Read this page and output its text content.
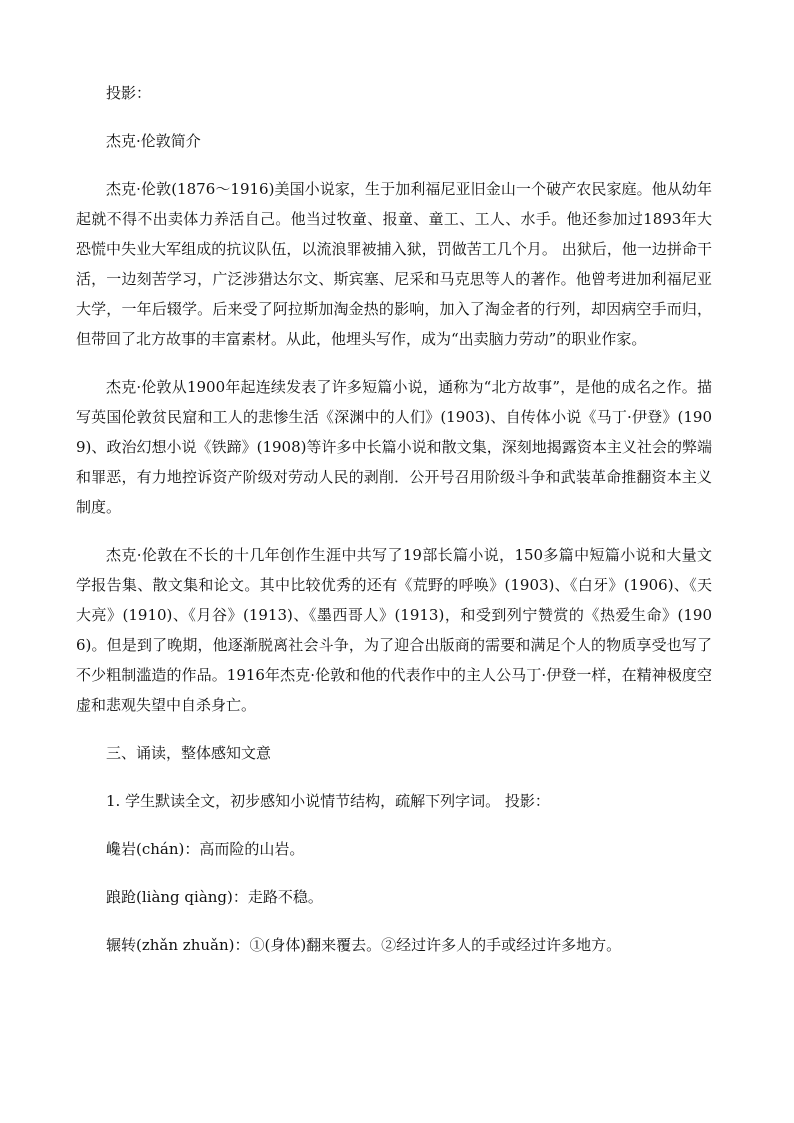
投影：

杰克·伦敦简介

杰克·伦敦(1876～1916)美国小说家，生于加利福尼亚旧金山一个破产农民家庭。他从幼年起就不得不出卖体力养活自己。他当过牧童、报童、童工、工人、水手。他还参加过1893年大恐慌中失业大军组成的抗议队伍，以流浪罪被捕入狱，罚做苦工几个月。 出狱后，他一边拼命干活，一边刻苦学习，广泛涉猎达尔文、斯宾塞、尼采和马克思等人的著作。他曾考进加利福尼亚大学，一年后辍学。后来受了阿拉斯加淘金热的影响，加入了淘金者的行列，却因病空手而归，但带回了北方故事的丰富素材。从此，他埋头写作，成为“出卖脑力劳动”的职业作家。

杰克·伦敦从1900年起连续发表了许多短篇小说，通称为“北方故事”，是他的成名之作。描写英国伦敦贫民窟和工人的悲惨生活《深渊中的人们》(1903)、自传体小说《马丁·伊登》(1909)、政治幻想小说《铁蹄》(1908)等许多中长篇小说和散文集，深刻地揭露资本主义社会的弊端和罪恶，有力地控诉资产阶级对劳动人民的剥削．公开号召用阶级斗争和武装革命推翻资本主义制度。

杰克·伦敦在不长的十几年创作生涯中共写了19部长篇小说，150多篇中短篇小说和大量文学报告集、散文集和论文。其中比较优秀的还有《荒野的呼唤》(1903)、《白牙》(1906)、《天大亮》(1910)、《月谷》(1913)、《墨西哥人》(1913)，和受到列宁赞赏的《热爱生命》(1906)。但是到了晚期，他逐渐脱离社会斗争，为了迎合出版商的需要和满足个人的物质享受也写了不少粗制滥造的作品。1916年杰克·伦敦和他的代表作中的主人公马丁·伊登一样，在精神极度空虚和悲观失望中自杀身亡。

三、诵读，整体感知文意

1. 学生默读全文，初步感知小说情节结构，疏解下列字词。 投影：

巉岩(chán)：高而险的山岩。

踉跄(liàng qiàng)：走路不稳。

辗转(zhǎn zhuǎn)：①(身体)翻来覆去。②经过许多人的手或经过许多地方。
